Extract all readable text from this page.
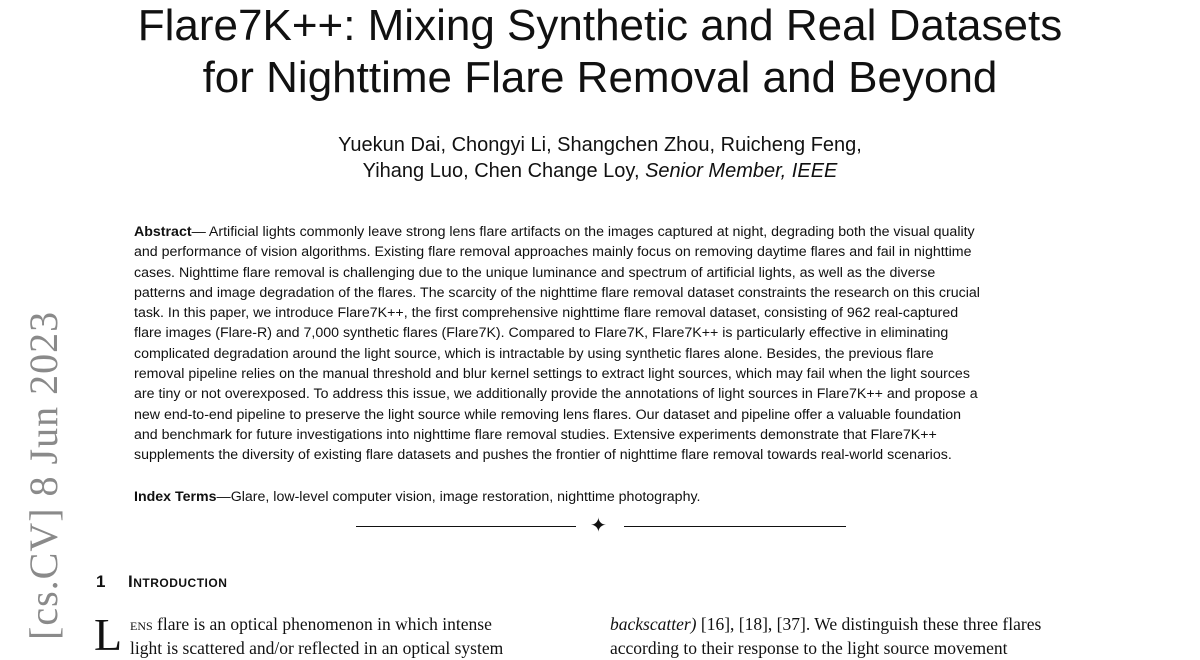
[cs.CV] 8 Jun 2023
Flare7K++: Mixing Synthetic and Real Datasets
for Nighttime Flare Removal and Beyond
Yuekun Dai, Chongyi Li, Shangchen Zhou, Ruicheng Feng,
Yihang Luo, Chen Change Loy, Senior Member, IEEE
Abstract— Artificial lights commonly leave strong lens flare artifacts on the images captured at night, degrading both the visual quality
and performance of vision algorithms. Existing flare removal approaches mainly focus on removing daytime flares and fail in nighttime
cases. Nighttime flare removal is challenging due to the unique luminance and spectrum of artificial lights, as well as the diverse
patterns and image degradation of the flares. The scarcity of the nighttime flare removal dataset constraints the research on this crucial
task. In this paper, we introduce Flare7K++, the first comprehensive nighttime flare removal dataset, consisting of 962 real-captured
flare images (Flare-R) and 7,000 synthetic flares (Flare7K). Compared to Flare7K, Flare7K++ is particularly effective in eliminating
complicated degradation around the light source, which is intractable by using synthetic flares alone. Besides, the previous flare
removal pipeline relies on the manual threshold and blur kernel settings to extract light sources, which may fail when the light sources
are tiny or not overexposed. To address this issue, we additionally provide the annotations of light sources in Flare7K++ and propose a
new end-to-end pipeline to preserve the light source while removing lens flares. Our dataset and pipeline offer a valuable foundation
and benchmark for future investigations into nighttime flare removal studies. Extensive experiments demonstrate that Flare7K++
supplements the diversity of existing flare datasets and pushes the frontier of nighttime flare removal towards real-world scenarios.
Index Terms—Glare, low-level computer vision, image restoration, nighttime photography.
✦
1 Introduction
L ens flare is an optical phenomenon in which intense
light is scattered and/or reflected in an optical system
backscatter) [16], [18], [37]. We distinguish these three flares
according to their response to the light source movement
